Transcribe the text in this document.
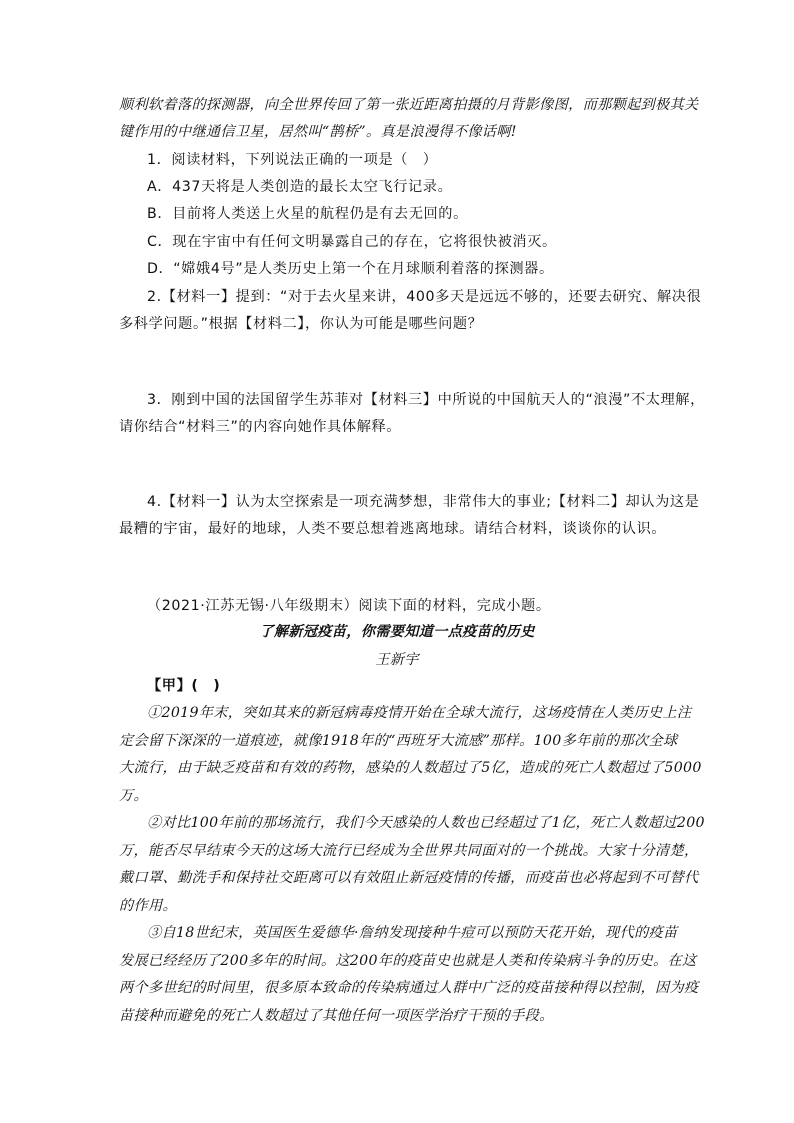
顺利软着落的探测器，向全世界传回了第一张近距离拍摄的月背影像图，而那颗起到极其关
键作用的中继通信卫星，居然叫“鹊桥”。真是浪漫得不像话啊!
1．阅读材料，下列说法正确的一项是（　）
A．437天将是人类创造的最长太空飞行记录。
B．目前将人类送上火星的航程仍是有去无回的。
C．现在宇宙中有任何文明暴露自己的存在，它将很快被消灭。
D．“嫦娥4号”是人类历史上第一个在月球顺利着落的探测器。
2.【材料一】提到：“对于去火星来讲，400多天是远远不够的，还要去研究、解决很
多科学问题。”根据【材料二】，你认为可能是哪些问题？
3．刚到中国的法国留学生苏菲对【材料三】中所说的中国航天人的“浪漫”不太理解，
请你结合“材料三”的内容向她作具体解释。
4.【材料一】认为太空探索是一项充满梦想，非常伟大的事业;【材料二】却认为这是
最糟的宇宙，最好的地球，人类不要总想着逃离地球。请结合材料，谈谈你的认识。
（2021·江苏无锡·八年级期末）阅读下面的材料，完成小题。
了解新冠疫苗，你需要知道一点疫苗的历史
王新宇
【甲】(　)
①2019年末，突如其来的新冠病毒疫情开始在全球大流行，这场疫情在人类历史上注
定会留下深深的一道痕迹，就像1918年的“西班牙大流感”那样。100多年前的那次全球
大流行，由于缺乏疫苗和有效的药物，感染的人数超过了5亿，造成的死亡人数超过了5000
万。
②对比100年前的那场流行，我们今天感染的人数也已经超过了1亿，死亡人数超过200
万，能否尽早结束今天的这场大流行已经成为全世界共同面对的一个挑战。大家十分清楚，
戴口罩、勤洗手和保持社交距离可以有效阻止新冠疫情的传播，而疫苗也必将起到不可替代
的作用。
③自18世纪末，英国医生爱德华·詹纳发现接种牛痘可以预防天花开始，现代的疫苗
发展已经经历了200多年的时间。这200年的疫苗史也就是人类和传染病斗争的历史。在这
两个多世纪的时间里，很多原本致命的传染病通过人群中广泛的疫苗接种得以控制，因为疫
苗接种而避免的死亡人数超过了其他任何一项医学治疗干预的手段。
